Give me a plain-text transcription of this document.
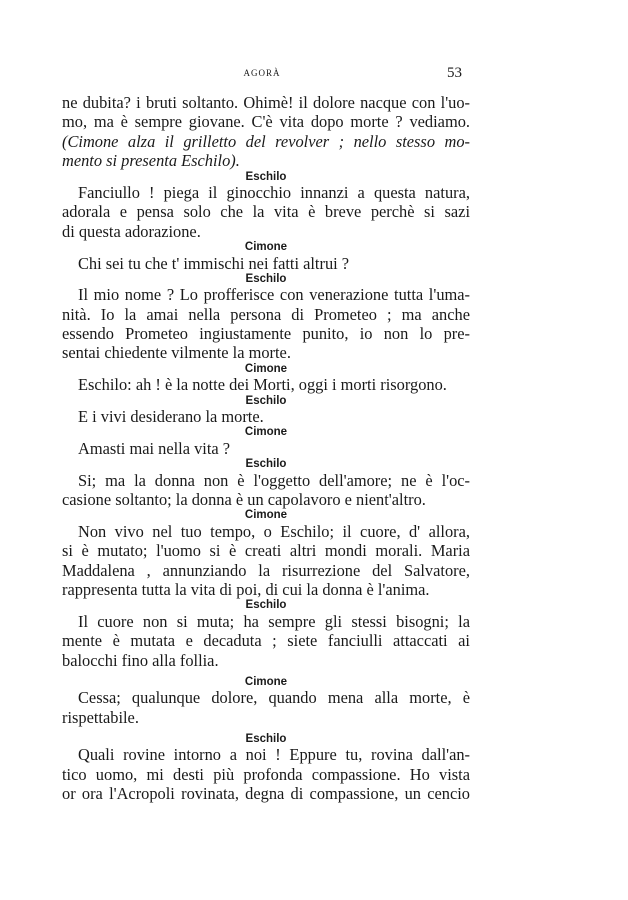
AGORÀ	53
ne dubita? i bruti soltanto. Ohimè! il dolore nacque con l'uo-
mo, ma è sempre giovane. C'è vita dopo morte ? vediamo.
(Cimone alza il grilletto del revolver ; nello stesso mo-
mento si presenta Eschilo).
Eschilo
Fanciullo ! piega il ginocchio innanzi a questa natura,
adorala e pensa solo che la vita è breve perchè si sazi
di questa adorazione.
Cimone
Chi sei tu che t' immischi nei fatti altrui ?
Eschilo
Il mio nome ? Lo profferisce con venerazione tutta l'uma-
nità. Io la amai nella persona di Prometeo ; ma anche
essendo Prometeo ingiustamente punito, io non lo pre-
sentai chiedente vilmente la morte.
Cimone
Eschilo: ah ! è la notte dei Morti, oggi i morti risorgono.
Eschilo
E i vivi desiderano la morte.
Cimone
Amasti mai nella vita ?
Eschilo
Si; ma la donna non è l'oggetto dell'amore; ne è l'oc-
casione soltanto; la donna è un capolavoro e nient'altro.
Cimone
Non vivo nel tuo tempo, o Eschilo; il cuore, d' allora,
si è mutato; l'uomo si è creati altri mondi morali. Maria
Maddalena , annunziando la risurrezione del Salvatore,
rappresenta tutta la vita di poi, di cui la donna è l'anima.
Eschilo
Il cuore non si muta; ha sempre gli stessi bisogni; la
mente è mutata e decaduta ; siete fanciulli attaccati ai
balocchi fino alla follia.
Cimone
Cessa; qualunque dolore, quando mena alla morte, è
rispettabile.
Eschilo
Quali rovine intorno a noi ! Eppure tu, rovina dall'an-
tico uomo, mi desti più profonda compassione. Ho vista
or ora l'Acropoli rovinata, degna di compassione, un cencio
